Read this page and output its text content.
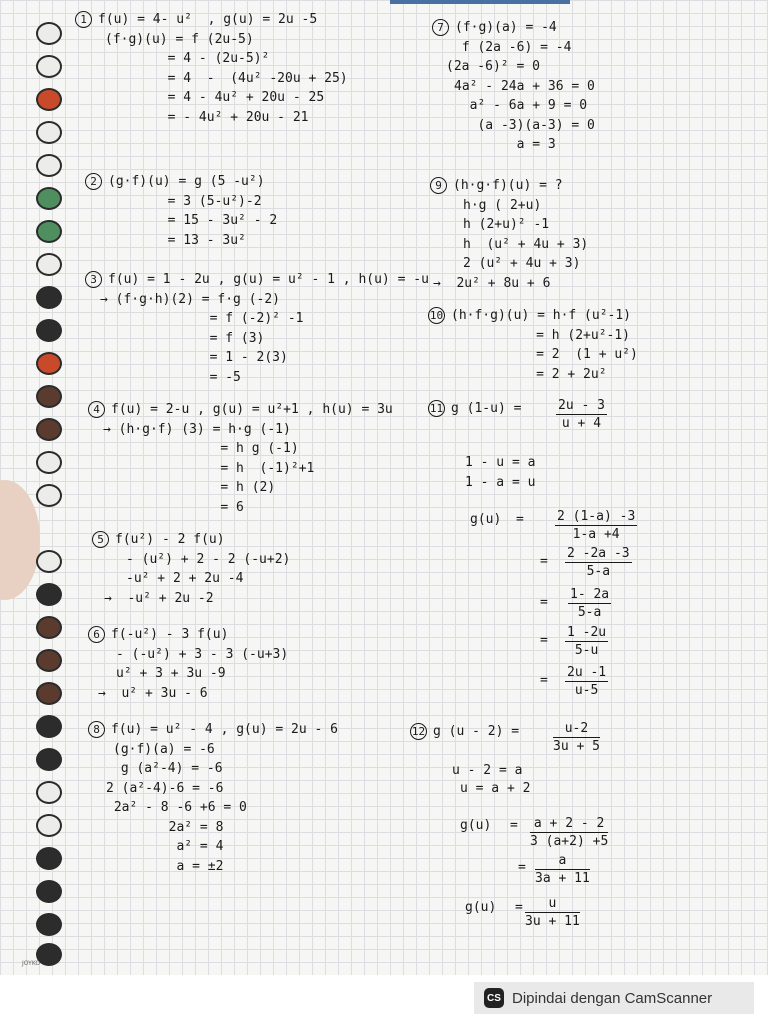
1 f(u) = 4- u²  , g(u) = 2u -5
(f·g)(u) = f (2u-5)
= 4 - (2u-5)²
= 4  -  (4u² -20u + 25)
= 4 - 4u² + 20u - 25
= - 4u² + 20u - 21
2 (g·f)(u) = g (5 -u²)
= 3 (5-u²)-2
= 15 - 3u² - 2
= 13 - 3u²
3 f(u) = 1 - 2u , g(u) = u² - 1 , h(u) = -u
→ (f·g·h)(2) = f·g (-2)
= f (-2)² -1
= f (3)
= 1 - 2(3)
= -5
4 f(u) = 2-u , g(u) = u²+1 , h(u) = 3u
→ (h·g·f) (3) = h·g (-1)
= h g (-1)
= h  (-1)²+1
= h (2)
= 6
5 f(u²) - 2 f(u)
- (u²) + 2 - 2 (-u+2)
-u² + 2 + 2u -4
→  -u² + 2u -2
6 f(-u²) - 3 f(u)
- (-u²) + 3 - 3 (-u+3)
u² + 3 + 3u -9
→  u² + 3u - 6
8 f(u) = u² - 4 , g(u) = 2u - 6
(g·f)(a) = -6
g (a²-4) = -6
2 (a²-4)-6 = -6
2a² - 8 -6 +6 = 0
2a² = 8
a² = 4
a = ±2
7 (f·g)(a) = -4
f (2a -6) = -4
(2a -6)² = 0
4a² - 24a + 36 = 0
a² - 6a + 9 = 0
(a -3)(a-3) = 0
a = 3
9 (h·g·f)(u) = ?
h·g ( 2+u)
h (2+u)² -1
h  (u² + 4u + 3)
2 (u² + 4u + 3)
→  2u² + 8u + 6
10 (h·f·g)(u) = h·f (u²-1)
= h (2+u²-1)
= 2  (1 + u²)
= 2 + 2u²
11 g (1-u) =	$\frac{2u - 3}{u + 4}$
1 - u = a
1 - a = u
$g(u) = \frac{2 (1-a) -3}{1-a +4}$
= $\frac{2 -2a -3}{5-a}$
= $\frac{1- 2a}{5-a}$
= $\frac{1 -2u}{5-u}$
= $\frac{2u -1}{u-5}$
12 g (u - 2) =	$\frac{u-2}{3u + 5}$
u - 2 = a
u = a + 2
$g(u) = \frac{a + 2 - 2}{3 (a+2) +5}$
= $\frac{a}{3a + 11}$
$g(u) = \frac{u}{3u + 11}$
JOYKO
CS Dipindai dengan CamScanner
